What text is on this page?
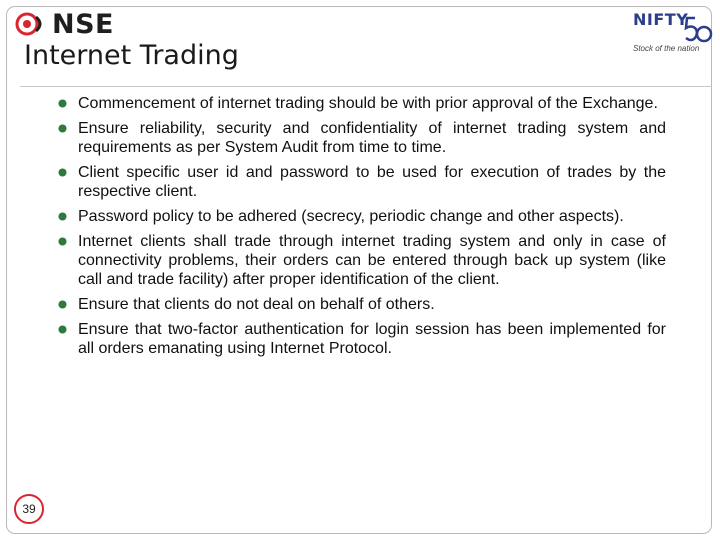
NSE
Internet Trading
NIFTY
Stock of the nation
Commencement of internet trading should be with prior approval of the Exchange.
Ensure reliability, security and confidentiality of internet trading system and requirements as per System Audit from time to time.
Client specific user id and password to be used for execution of trades by the respective client.
Password policy to be adhered (secrecy, periodic change and other aspects).
Internet clients shall trade through internet trading system and only in case of connectivity problems, their orders can be entered through back up system (like call and trade facility) after proper identification of the client.
Ensure that clients do not deal on behalf of others.
Ensure that two-factor authentication for login session has been implemented for all orders emanating using Internet Protocol.
39
